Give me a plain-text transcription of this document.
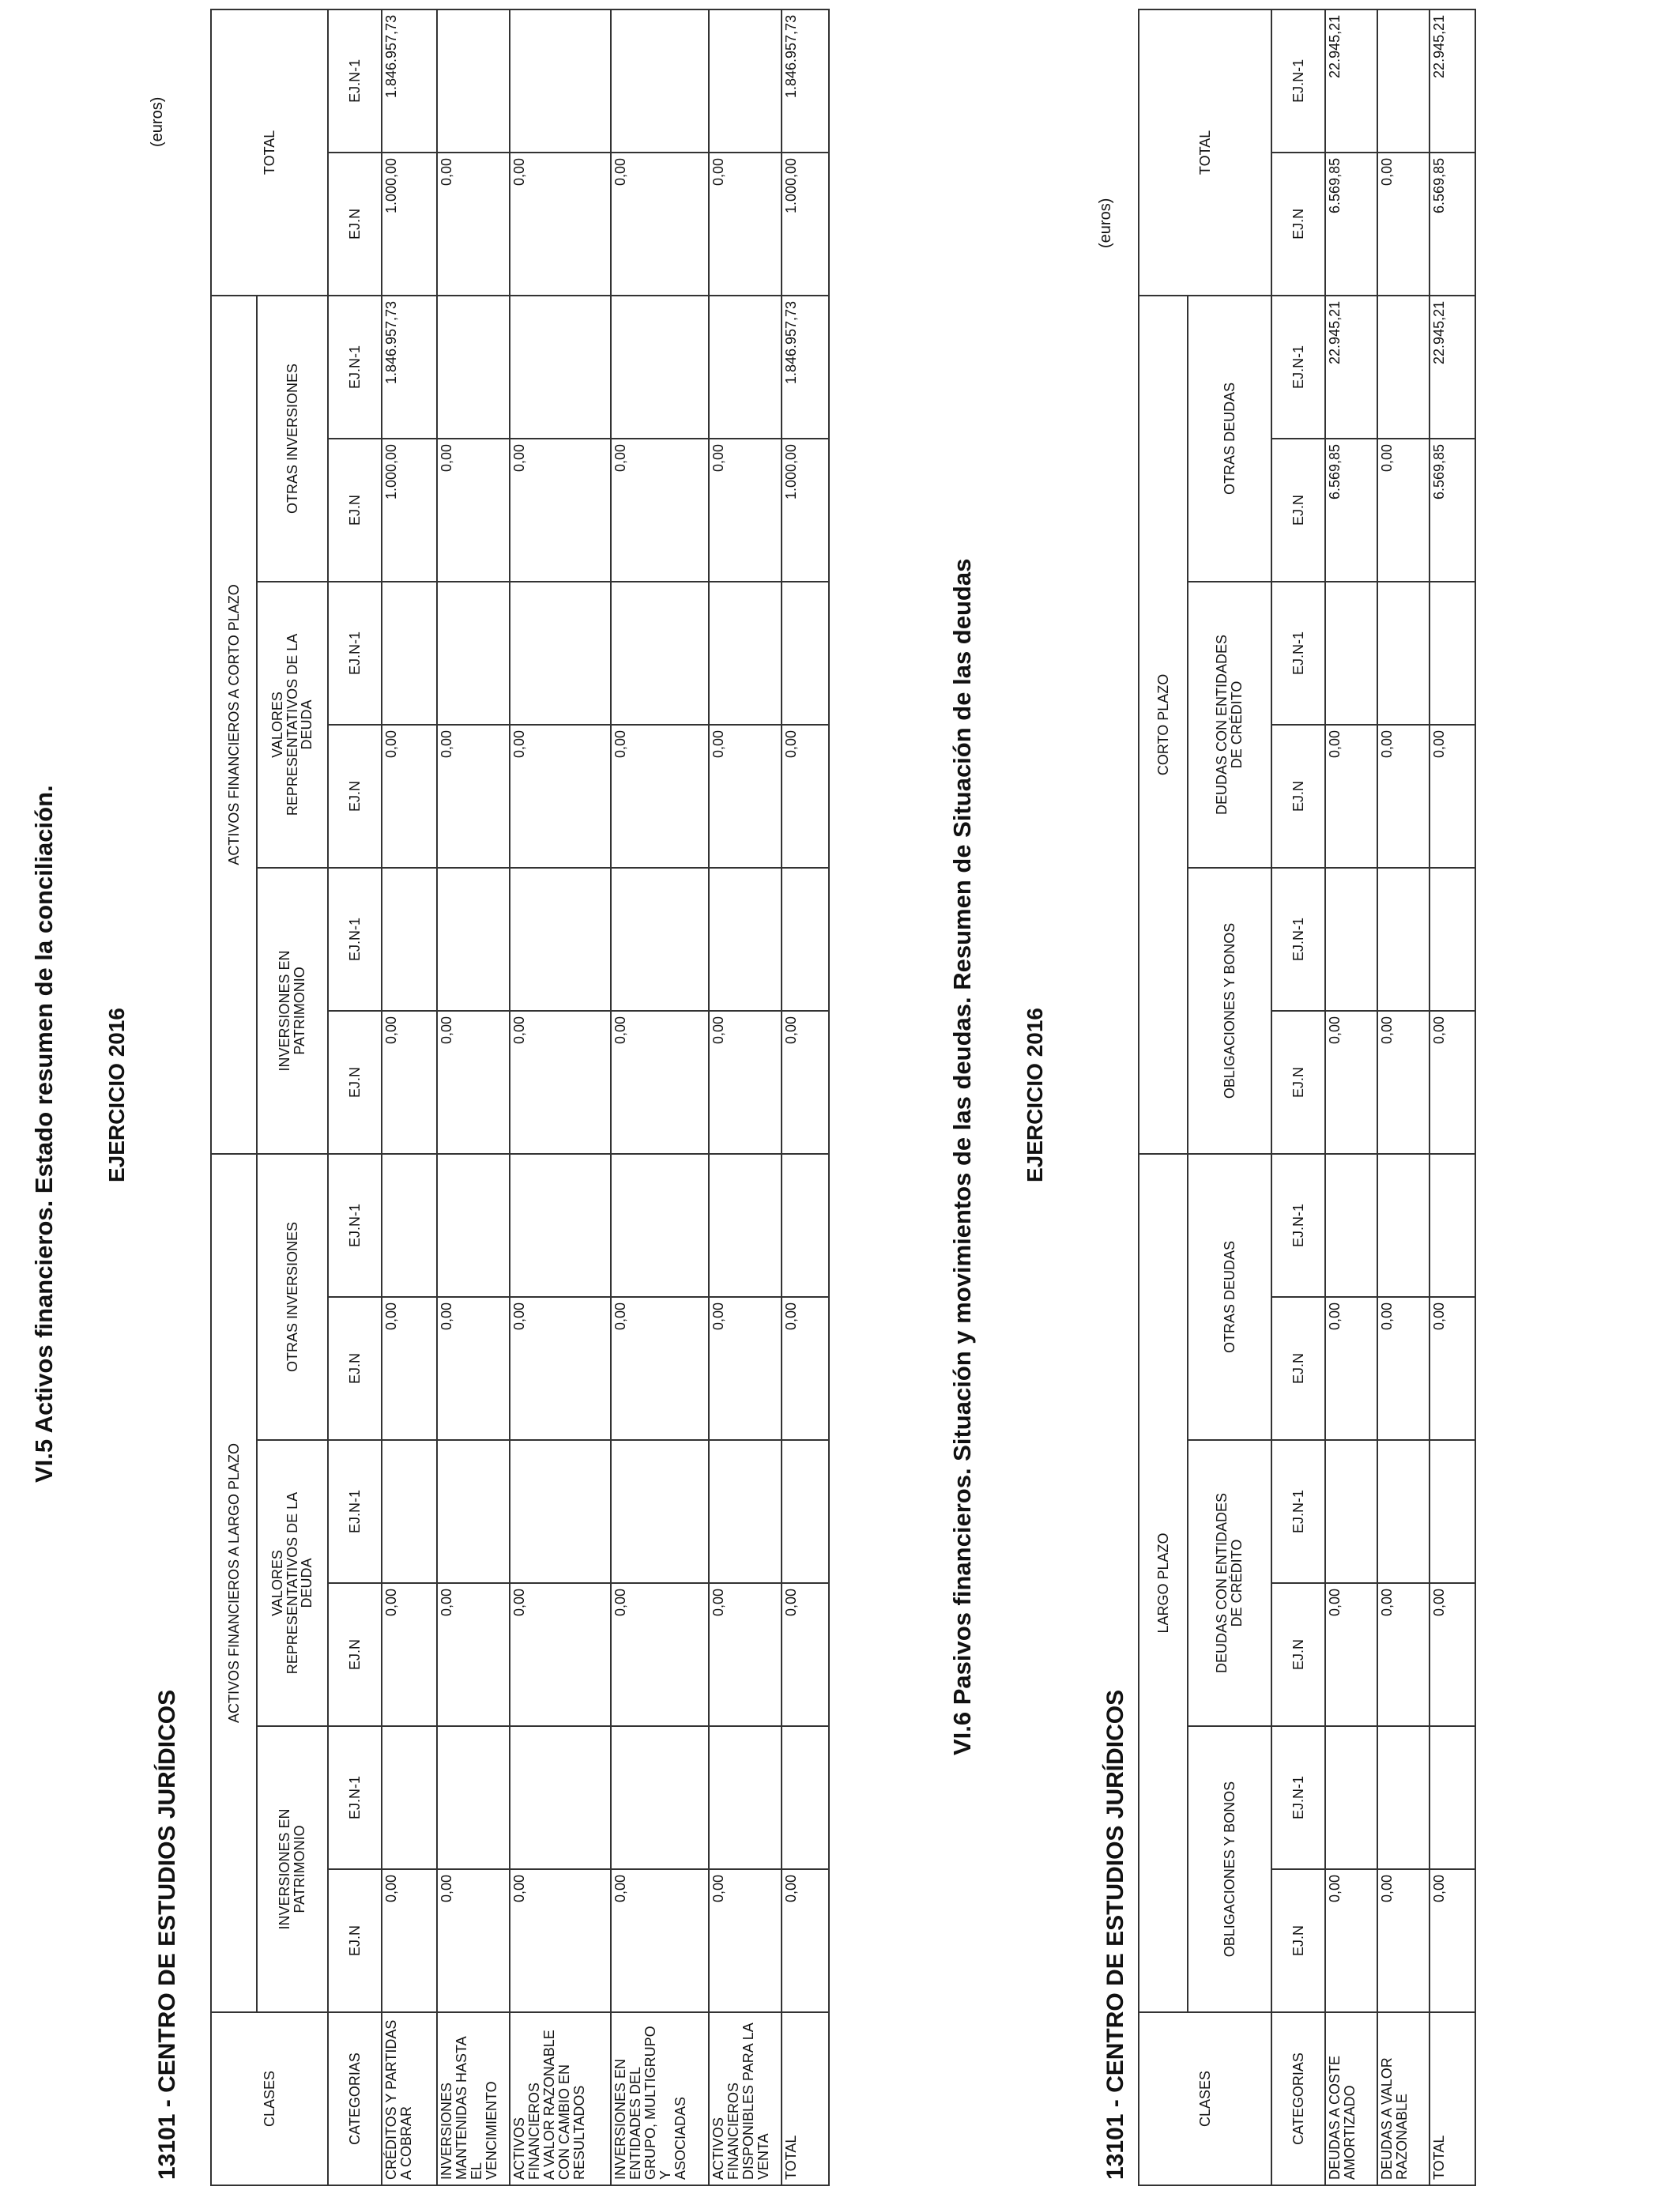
13101 - CENTRO DE ESTUDIOS JURÍDICOS
VI.5 Activos financieros. Estado resumen de la conciliación. EJERCICIO 2016
(euros)
CLASES	ACTIVOS FINANCIEROS A LARGO PLAZO						ACTIVOS FINANCIEROS A CORTO PLAZO						TOTAL	
	INVERSIONES EN
PATRIMONIO		VALORES
REPRESENTATIVOS DE LA
DEUDA		OTRAS INVERSIONES		INVERSIONES EN
PATRIMONIO		VALORES
REPRESENTATIVOS DE LA
DEUDA		OTRAS INVERSIONES			
CATEGORIAS	EJ.N	EJ.N-1	EJ.N	EJ.N-1	EJ.N	EJ.N-1	EJ.N	EJ.N-1	EJ.N	EJ.N-1	EJ.N	EJ.N-1	EJ.N	EJ.N-1
CRÉDITOS Y PARTIDAS
A COBRAR	0,00		0,00		0,00		0,00		0,00		1.000,00	1.846.957,73	1.000,00	1.846.957,73
INVERSIONES
MANTENIDAS HASTA EL
VENCIMIENTO	0,00		0,00		0,00		0,00		0,00		0,00		0,00	
ACTIVOS FINANCIEROS
A VALOR RAZONABLE
CON CAMBIO EN
RESULTADOS	0,00		0,00		0,00		0,00		0,00		0,00		0,00	
INVERSIONES EN
ENTIDADES DEL
GRUPO, MULTIGRUPO Y
ASOCIADAS	0,00		0,00		0,00		0,00		0,00		0,00		0,00	
ACTIVOS FINANCIEROS
DISPONIBLES PARA LA
VENTA	0,00		0,00		0,00		0,00		0,00		0,00		0,00	
TOTAL	0,00		0,00		0,00		0,00		0,00		1.000,00	1.846.957,73	1.000,00	1.846.957,73
13101 - CENTRO DE ESTUDIOS JURÍDICOS
VI.6 Pasivos financieros. Situación y movimientos de las deudas. Resumen de Situación de las deudas EJERCICIO 2016
(euros)
CLASES	LARGO PLAZO						CORTO PLAZO						TOTAL	
	OBLIGACIONES Y BONOS		DEUDAS CON ENTIDADES
DE CRÉDITO		OTRAS DEUDAS		OBLIGACIONES Y BONOS		DEUDAS CON ENTIDADES
DE CRÉDITO		OTRAS DEUDAS			
CATEGORIAS	EJ.N	EJ.N-1	EJ.N	EJ.N-1	EJ.N	EJ.N-1	EJ.N	EJ.N-1	EJ.N	EJ.N-1	EJ.N	EJ.N-1	EJ.N	EJ.N-1
DEUDAS A COSTE
AMORTIZADO	0,00		0,00		0,00		0,00		0,00		6.569,85	22.945,21	6.569,85	22.945,21
DEUDAS A VALOR
RAZONABLE	0,00		0,00		0,00		0,00		0,00		0,00		0,00	
TOTAL	0,00		0,00		0,00		0,00		0,00		6.569,85	22.945,21	6.569,85	22.945,21
